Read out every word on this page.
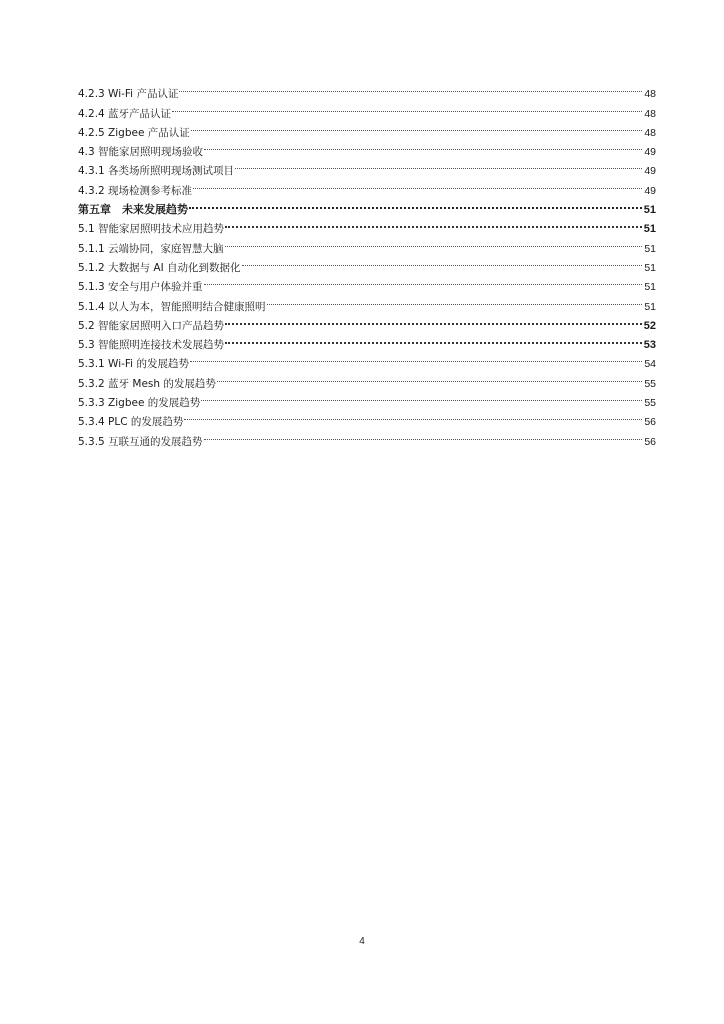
4.2.3 Wi-Fi 产品认证	48
4.2.4 蓝牙产品认证	48
4.2.5 Zigbee 产品认证	48
4.3 智能家居照明现场验收	49
4.3.1 各类场所照明现场测试项目	49
4.3.2 现场检测参考标准	49
第五章　未来发展趋势	51
5.1 智能家居照明技术应用趋势	51
5.1.1 云端协同，家庭智慧大脑	51
5.1.2 大数据与 AI 自动化到数据化	51
5.1.3 安全与用户体验并重	51
5.1.4 以人为本，智能照明结合健康照明	51
5.2 智能家居照明入口产品趋势	52
5.3 智能照明连接技术发展趋势	53
5.3.1 Wi-Fi 的发展趋势	54
5.3.2 蓝牙 Mesh 的发展趋势	55
5.3.3 Zigbee 的发展趋势	55
5.3.4 PLC 的发展趋势	56
5.3.5 互联互通的发展趋势	56
4
